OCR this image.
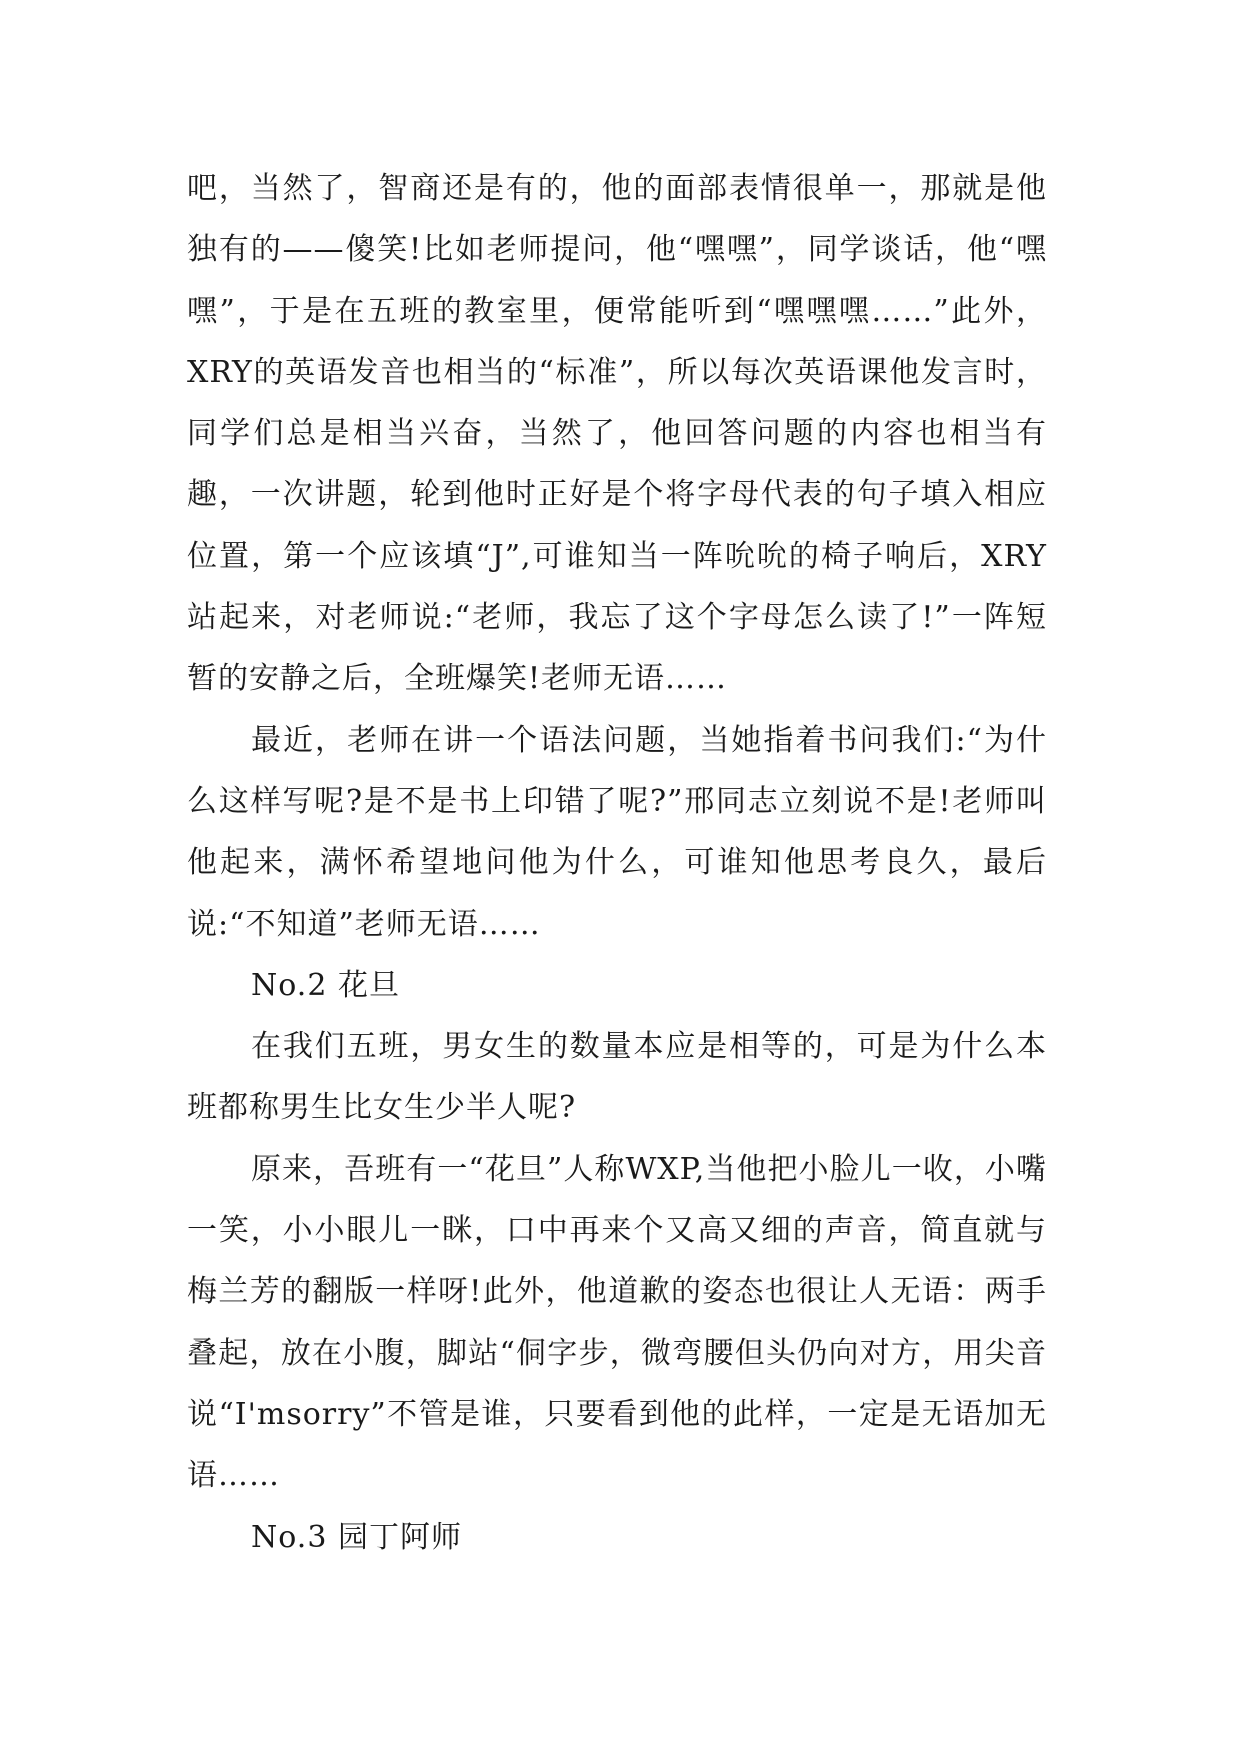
吧，当然了，智商还是有的，他的面部表情很单一，那就是他独有的——傻笑!比如老师提问，他“嘿嘿”，同学谈话，他“嘿嘿”，于是在五班的教室里，便常能听到“嘿嘿嘿……”此外，XRY的英语发音也相当的“标准”，所以每次英语课他发言时，同学们总是相当兴奋，当然了，他回答问题的内容也相当有趣，一次讲题，轮到他时正好是个将字母代表的句子填入相应位置，第一个应该填“J”,可谁知当一阵吮吮的椅子响后，XRY站起来，对老师说:“老师，我忘了这个字母怎么读了!”一阵短暂的安静之后，全班爆笑!老师无语……

最近，老师在讲一个语法问题，当她指着书问我们:“为什么这样写呢?是不是书上印错了呢?”邢同志立刻说不是!老师叫他起来，满怀希望地问他为什么，可谁知他思考良久，最后说:“不知道”老师无语……

No.2 花旦

在我们五班，男女生的数量本应是相等的，可是为什么本班都称男生比女生少半人呢?

原来，吾班有一“花旦”人称WXP,当他把小脸儿一收，小嘴一笑，小小眼儿一眯，口中再来个又高又细的声音，简直就与梅兰芳的翻版一样呀!此外，他道歉的姿态也很让人无语：两手叠起，放在小腹，脚站“侗字步，微弯腰但头仍向对方，用尖音说“I'msorry”不管是谁，只要看到他的此样，一定是无语加无语……

No.3 园丁阿师
